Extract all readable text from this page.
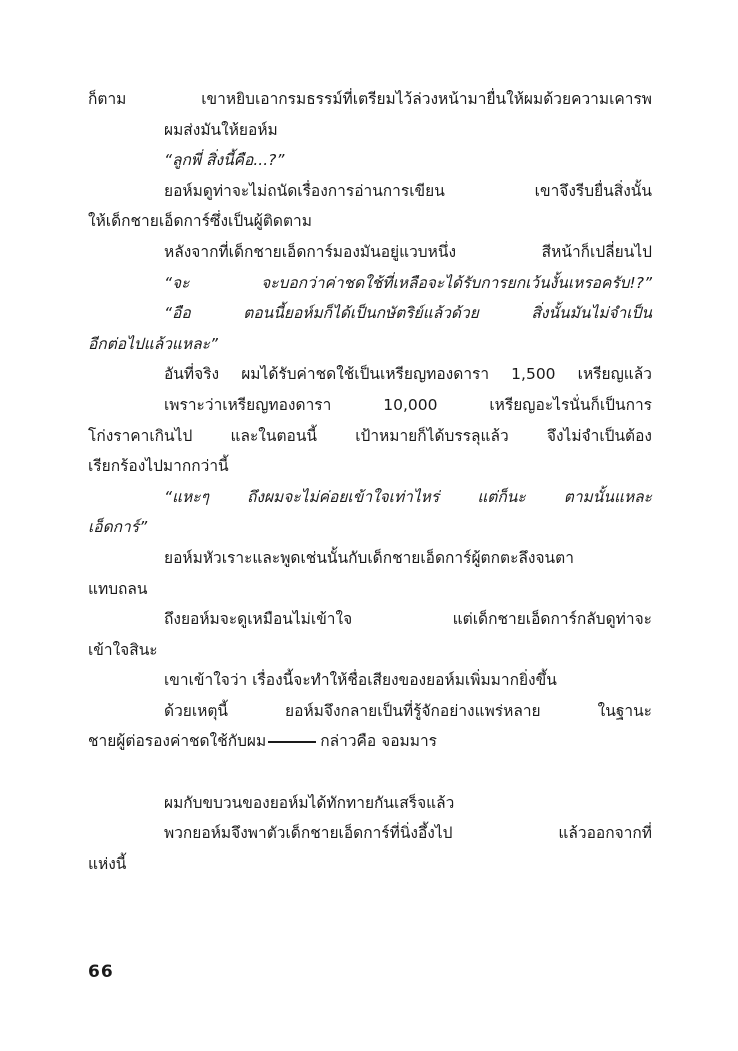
ก็ตาม เขาหยิบเอากรมธรรม์ที่เตรียมไว้ล่วงหน้ามายื่นให้ผมด้วยความเคารพ
ผมส่งมันให้ยอห์ม
“ลูกพี่ สิ่งนี้คือ...?”
ยอห์มดูท่าจะไม่ถนัดเรื่องการอ่านการเขียน เขาจึงรีบยื่นสิ่งนั้น
ให้เด็กชายเอ็ดการ์ซึ่งเป็นผู้ติดตาม
หลังจากที่เด็กชายเอ็ดการ์มองมันอยู่แวบหนึ่ง สีหน้าก็เปลี่ยนไป
“จะ จะบอกว่าค่าชดใช้ที่เหลือจะได้รับการยกเว้นงั้นเหรอครับ!?”
“อือ ตอนนี้ยอห์มก็ได้เป็นกษัตริย์แล้วด้วย สิ่งนั้นมันไม่จำเป็น
อีกต่อไปแล้วแหละ”
อันที่จริง ผมได้รับค่าชดใช้เป็นเหรียญทองดารา 1,500 เหรียญแล้ว
เพราะว่าเหรียญทองดารา 10,000 เหรียญอะไรนั่นก็เป็นการ
โก่งราคาเกินไป และในตอนนี้ เป้าหมายก็ได้บรรลุแล้ว จึงไม่จำเป็นต้อง
เรียกร้องไปมากกว่านี้
“แหะๆ ถึงผมจะไม่ค่อยเข้าใจเท่าไหร่ แต่ก็นะ ตามนั้นแหละ
เอ็ดการ์”
ยอห์มหัวเราะและพูดเช่นนั้นกับเด็กชายเอ็ดการ์ผู้ตกตะลึงจนตา
แทบถลน
ถึงยอห์มจะดูเหมือนไม่เข้าใจ แต่เด็กชายเอ็ดการ์กลับดูท่าจะ
เข้าใจสินะ
เขาเข้าใจว่า เรื่องนี้จะทำให้ชื่อเสียงของยอห์มเพิ่มมากยิ่งขึ้น
ด้วยเหตุนี้ ยอห์มจึงกลายเป็นที่รู้จักอย่างแพร่หลาย ในฐานะ
ชายผู้ต่อรองค่าชดใช้กับผม	กล่าวคือ จอมมาร
ผมกับขบวนของยอห์มได้ทักทายกันเสร็จแล้ว
พวกยอห์มจึงพาตัวเด็กชายเอ็ดการ์ที่นิ่งอึ้งไป แล้วออกจากที่
แห่งนี้
66
